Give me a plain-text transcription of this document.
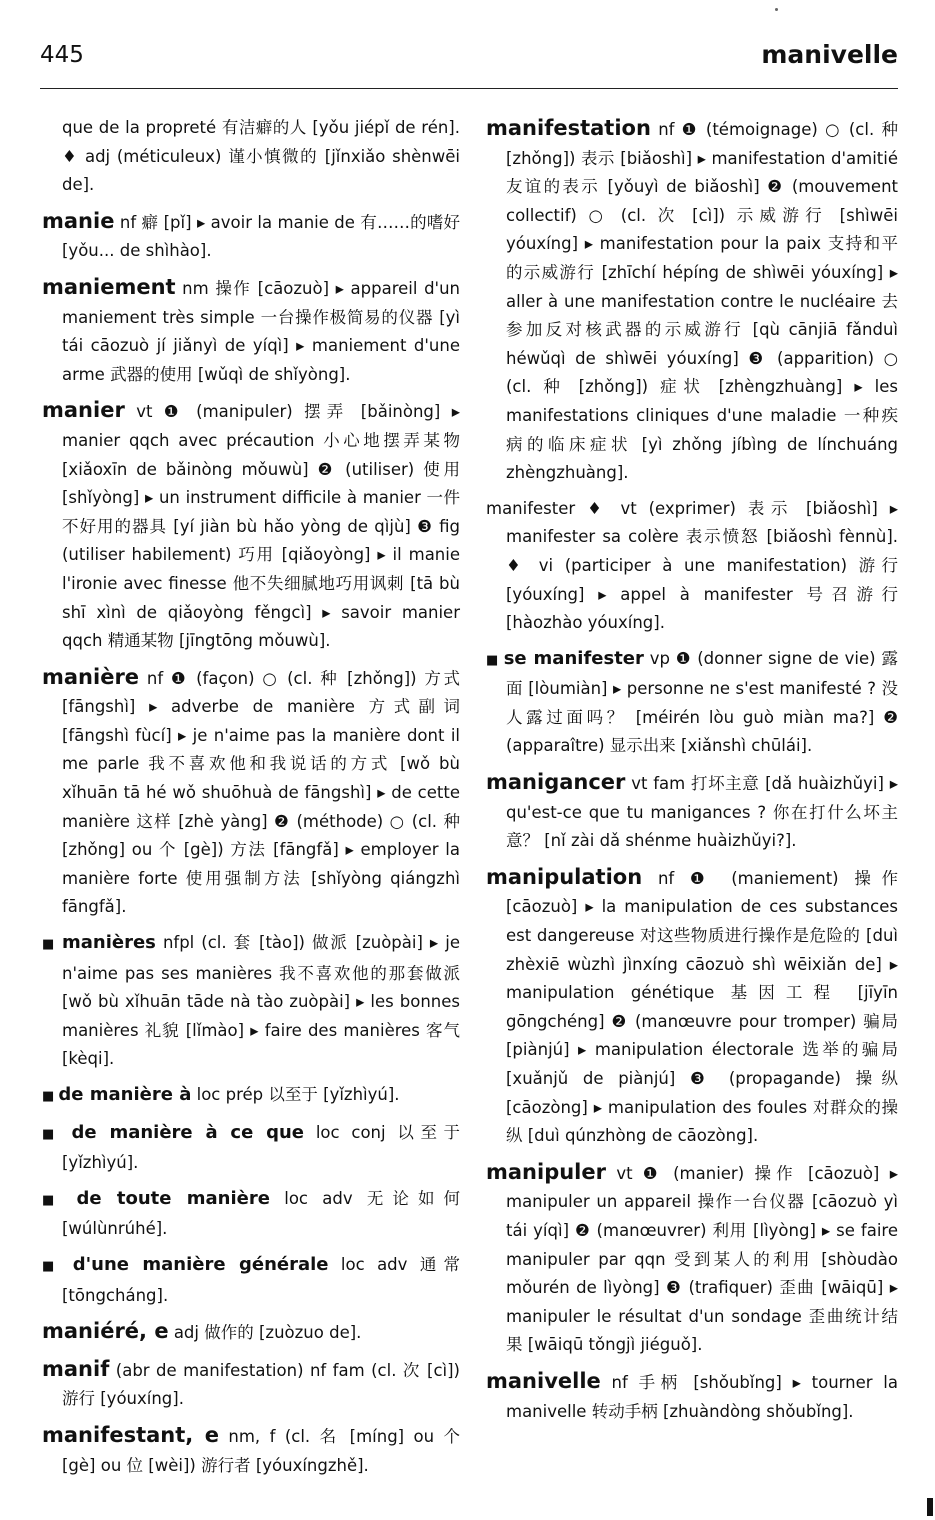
445	manivelle

que de la propreté 有洁癖的人 [yǒu jiépǐ de rén]. ♦ adj (méticuleux) 谨小慎微的 [jǐnxiǎo shènwēi de].

manie nf 癖 [pǐ] ▸ avoir la manie de 有……的嗜好 [yǒu... de shìhào].

maniement nm 操作 [cāozuò] ▸ appareil d'un maniement très simple 一台操作极简易的仪器 [yì tái cāozuò jí jiǎnyì de yíqì] ▸ maniement d'une arme 武器的使用 [wǔqì de shǐyòng].

manier vt ❶ (manipuler) 摆弄 [bǎinòng] ▸ manier qqch avec précaution 小心地摆弄某物 [xiǎoxīn de bǎinòng mǒuwù] ❷ (utiliser) 使用 [shǐyòng] ▸ un instrument difficile à manier 一件不好用的器具 [yí jiàn bù hǎo yòng de qìjù] ❸ fig (utiliser habilement) 巧用 [qiǎoyòng] ▸ il manie l'ironie avec finesse 他不失细腻地巧用讽刺 [tā bù shī xìnì de qiǎoyòng fěngcì] ▸ savoir manier qqch 精通某物 [jīngtōng mǒuwù].

manière nf ❶ (façon) ○ (cl. 种 [zhǒng]) 方式 [fāngshì] ▸ adverbe de manière 方式副词 [fāngshì fùcí] ▸ je n'aime pas la manière dont il me parle 我不喜欢他和我说话的方式 [wǒ bù xǐhuān tā hé wǒ shuōhuà de fāngshì] ▸ de cette manière 这样 [zhè yàng] ❷ (méthode) ○ (cl. 种 [zhǒng] ou 个 [gè]) 方法 [fāngfǎ] ▸ employer la manière forte 使用强制方法 [shǐyòng qiángzhì fāngfǎ].

■ manières nfpl (cl. 套 [tào]) 做派 [zuòpài] ▸ je n'aime pas ses manières 我不喜欢他的那套做派 [wǒ bù xǐhuān tāde nà tào zuòpài] ▸ les bonnes manières 礼貌 [lǐmào] ▸ faire des manières 客气 [kèqi].

■ de manière à loc prép 以至于 [yǐzhìyú].

■ de manière à ce que loc conj 以至于 [yǐzhìyú].

■ de toute manière loc adv 无论如何 [wúlùnrúhé].

■ d'une manière générale loc adv 通常 [tōngcháng].

maniéré, e adj 做作的 [zuòzuo de].

manif (abr de manifestation) nf fam (cl. 次 [cì]) 游行 [yóuxíng].

manifestant, e nm, f (cl. 名 [míng] ou 个 [gè] ou 位 [wèi]) 游行者 [yóuxíngzhě].

manifestation nf ❶ (témoignage) ○ (cl. 种 [zhǒng]) 表示 [biǎoshì] ▸ manifestation d'amitié 友谊的表示 [yǒuyì de biǎoshì] ❷ (mouvement collectif) ○ (cl. 次 [cì]) 示威游行 [shìwēi yóuxíng] ▸ manifestation pour la paix 支持和平的示威游行 [zhīchí hépíng de shìwēi yóuxíng] ▸ aller à une manifestation contre le nucléaire 去参加反对核武器的示威游行 [qù cānjiā fǎnduì héwǔqì de shìwēi yóuxíng] ❸ (apparition) ○ (cl. 种 [zhǒng]) 症状 [zhèngzhuàng] ▸ les manifestations cliniques d'une maladie 一种疾病的临床症状 [yì zhǒng jíbìng de línchuáng zhèngzhuàng].

manifester ♦ vt (exprimer) 表示 [biǎoshì] ▸ manifester sa colère 表示愤怒 [biǎoshì fènnù]. ♦ vi (participer à une manifestation) 游行 [yóuxíng] ▸ appel à manifester 号召游行 [hàozhào yóuxíng].

■ se manifester vp ❶ (donner signe de vie) 露面 [lòumiàn] ▸ personne ne s'est manifesté ? 没人露过面吗？ [méirén lòu guò miàn ma?] ❷ (apparaître) 显示出来 [xiǎnshì chūlái].

manigancer vt fam 打坏主意 [dǎ huàizhǔyi] ▸ qu'est-ce que tu manigances ? 你在打什么坏主意？ [nǐ zài dǎ shénme huàizhǔyi?].

manipulation nf ❶ (maniement) 操作 [cāozuò] ▸ la manipulation de ces substances est dangereuse 对这些物质进行操作是危险的 [duì zhèxiē wùzhì jìnxíng cāozuò shì wēixiǎn de] ▸ manipulation génétique 基因工程 [jīyīn gōngchéng] ❷ (manœuvre pour tromper) 骗局 [piànjú] ▸ manipulation électorale 选举的骗局 [xuǎnjǔ de piànjú] ❸ (propagande) 操纵 [cāozòng] ▸ manipulation des foules 对群众的操纵 [duì qúnzhòng de cāozòng].

manipuler vt ❶ (manier) 操作 [cāozuò] ▸ manipuler un appareil 操作一台仪器 [cāozuò yì tái yíqì] ❷ (manœuvrer) 利用 [lìyòng] ▸ se faire manipuler par qqn 受到某人的利用 [shòudào mǒurén de lìyòng] ❸ (trafiquer) 歪曲 [wāiqū] ▸ manipuler le résultat d'un sondage 歪曲统计结果 [wāiqū tǒngjì jiéguǒ].

manivelle nf 手柄 [shǒubǐng] ▸ tourner la manivelle 转动手柄 [zhuàndòng shǒubǐng].
